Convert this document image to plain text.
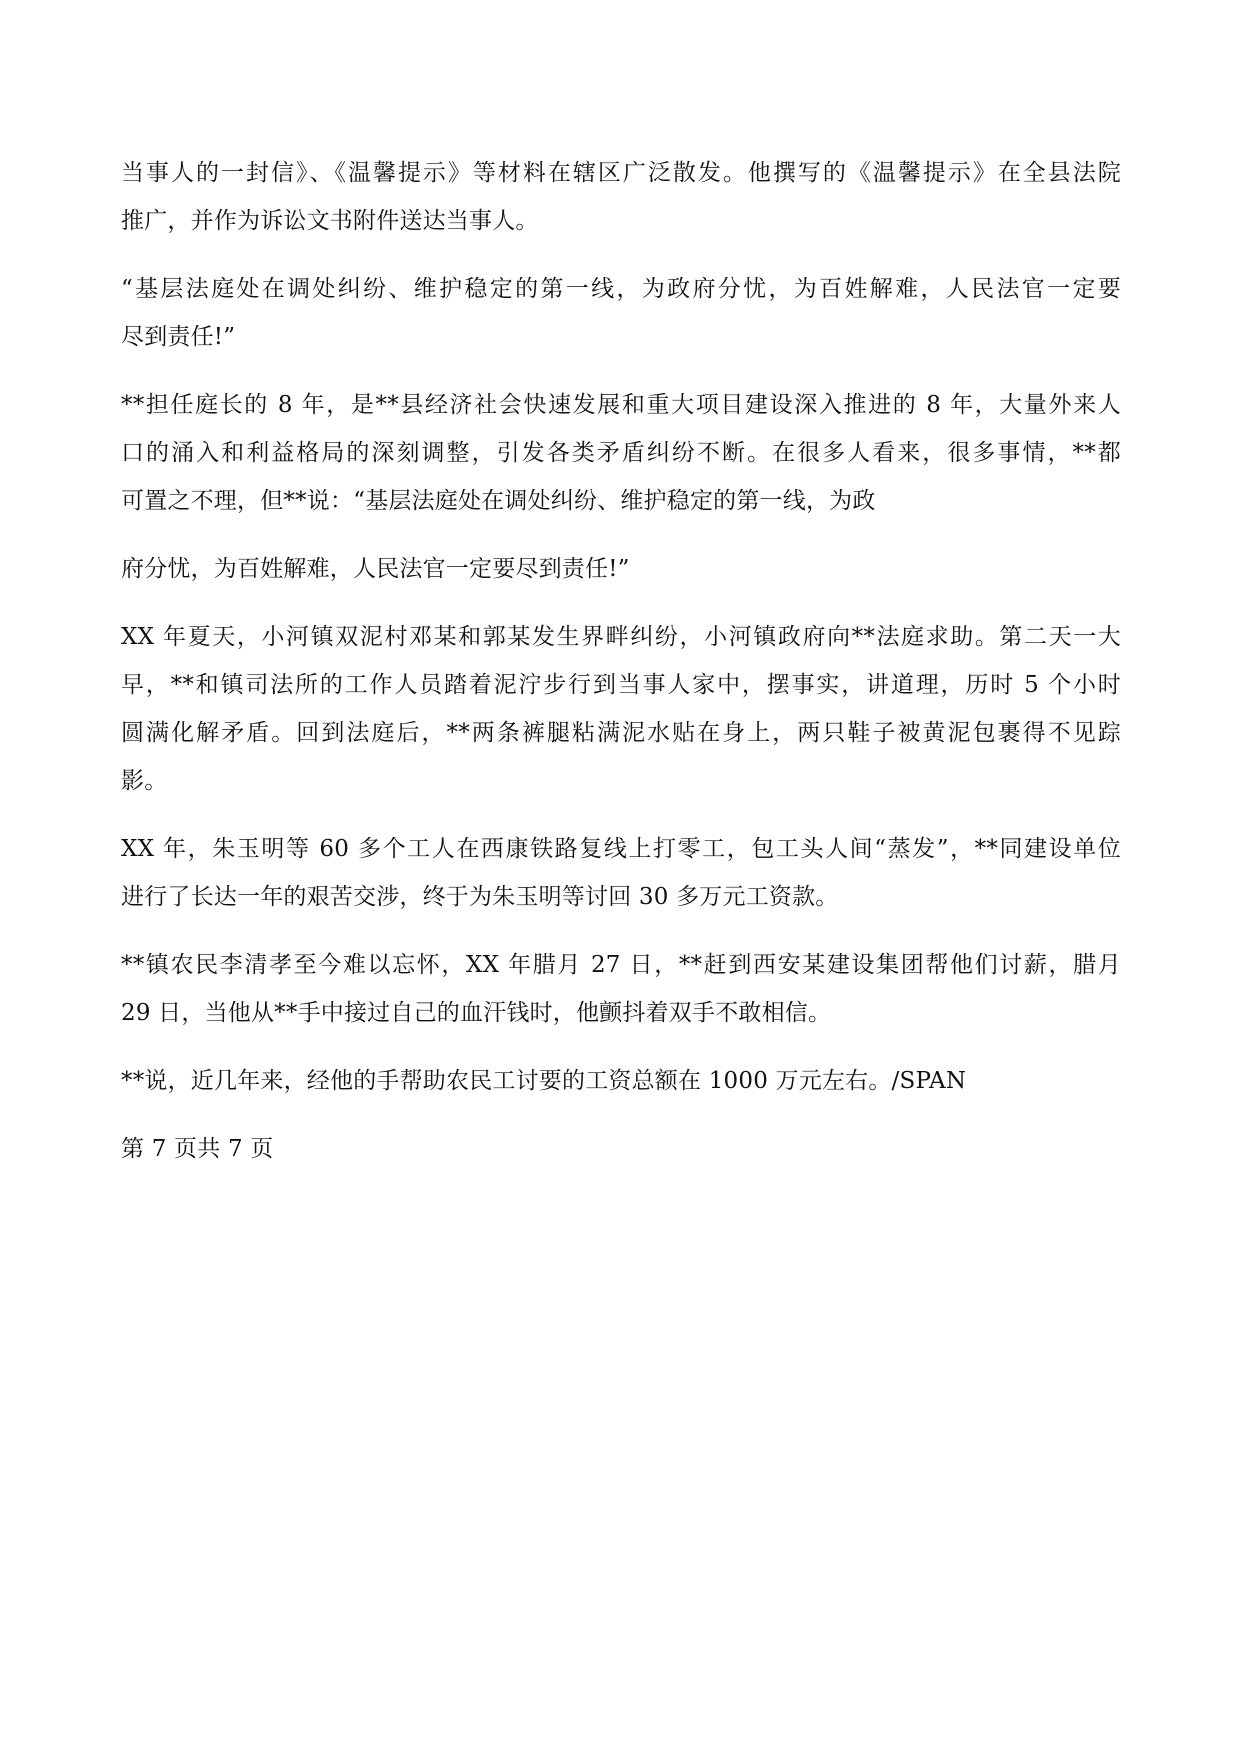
当事人的一封信》、《温馨提示》等材料在辖区广泛散发。他撰写的《温馨提示》在全县法院
推广，并作为诉讼文书附件送达当事人。
“基层法庭处在调处纠纷、维护稳定的第一线，为政府分忧，为百姓解难，人民法官一定要
尽到责任!”
**担任庭长的 8 年，是**县经济社会快速发展和重大项目建设深入推进的 8 年，大量外来人
口的涌入和利益格局的深刻调整，引发各类矛盾纠纷不断。在很多人看来，很多事情，**都
可置之不理，但**说：“基层法庭处在调处纠纷、维护稳定的第一线，为政
府分忧，为百姓解难，人民法官一定要尽到责任!”
XX 年夏天，小河镇双泥村邓某和郭某发生界畔纠纷，小河镇政府向**法庭求助。第二天一大
早，**和镇司法所的工作人员踏着泥泞步行到当事人家中，摆事实，讲道理，历时 5 个小时
圆满化解矛盾。回到法庭后，**两条裤腿粘满泥水贴在身上，两只鞋子被黄泥包裹得不见踪
影。
XX 年，朱玉明等 60 多个工人在西康铁路复线上打零工，包工头人间“蒸发”，**同建设单位
进行了长达一年的艰苦交涉，终于为朱玉明等讨回 30 多万元工资款。
**镇农民李清孝至今难以忘怀，XX 年腊月 27 日，**赶到西安某建设集团帮他们讨薪，腊月
29 日，当他从**手中接过自己的血汗钱时，他颤抖着双手不敢相信。
**说，近几年来，经他的手帮助农民工讨要的工资总额在 1000 万元左右。/SPAN
第 7 页共 7 页
